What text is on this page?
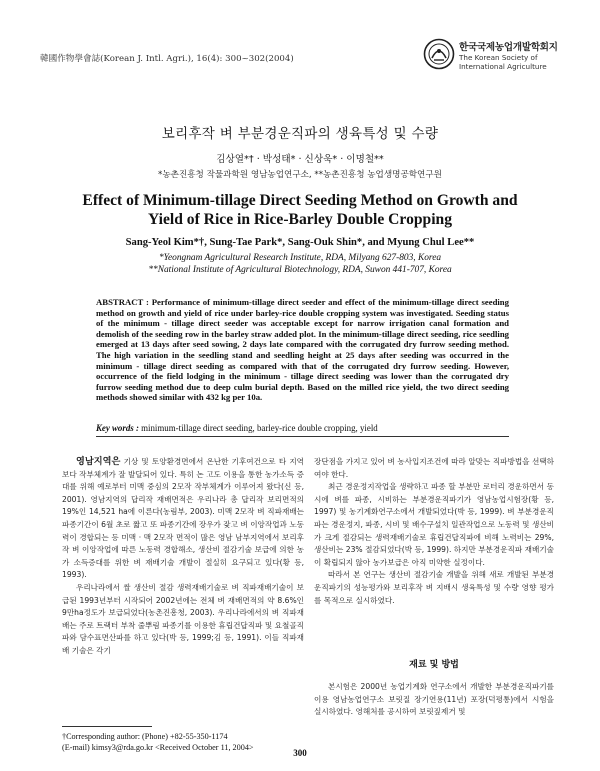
韓國作物學會誌(Korean J. Intl. Agri.), 16(4): 300~302(2004)
한국국제농업개발학회지
The Korean Society of International Agriculture
보리후작 벼 부분경운직파의 생육특성 및 수량
김상열*† · 박성태* · 신상욱* · 이명철**
*농촌진흥청 작물과학원 영남농업연구소, **농촌진흥청 농업생명공학연구원
Effect of Minimum-tillage Direct Seeding Method on Growth and
Yield of Rice in Rice-Barley Double Cropping
Sang-Yeol Kim*†, Sung-Tae Park*, Sang-Ouk Shin*, and Myung Chul Lee**
*Yeongnam Agricultural Research Institute, RDA, Milyang 627-803, Korea
**National Institute of Agricultural Biotechnology, RDA, Suwon 441-707, Korea
ABSTRACT : Performance of minimum-tillage direct seeder and effect of the minimum-tillage direct seeding method on growth and yield of rice under barley-rice double cropping system was investigated. Seeding status of the minimum - tillage direct seeder was acceptable except for narrow irrigation canal formation and demolish of the seeding row in the barley straw added plot. In the minimum-tillage direct seeding, rice seedling emerged at 13 days after seed sowing, 2 days late compared with the corrugated dry furrow seeding method. The high variation in the seedling stand and seedling height at 25 days after seeding was occurred in the minimum - tillage direct seeding as compared with that of the corrugated dry furrow seeding. However, occurrence of the field lodging in the minimum - tillage direct seeding was lower than the corrugated dry furrow seeding method due to deep culm burial depth. Based on the milled rice yield, the two direct seeding methods showed similar with 432 kg per 10a.
Key words : minimum-tillage direct seeding, barley-rice double cropping, yield

영남지역은 기상 및 토양환경면에서 온난한 기후여건으로 타 지역보다 작부체계가 잘 발달되어 있다. 특히 논 고도 이용을 통한 농가소득 증대를 위해 예로부터 미맥 중심의 2모작 작부체계가 이루어져 왔다(신 등, 2001). 영남지역의 답리작 재배면적은 우리나라 총 답리작 보리면적의 19%인 14,521 ha에 이른다(농림부, 2003). 미맥 2모작 벼 직파재배는 파종기간이 6월 초로 짧고 또 파종기간에 장우가 잦고 벼 이앙작업과 노동력이 경합되는 등 미맥 · 맥 2모작 면적이 많은 영남 남부지역에서 보리후작 벼 이앙작업에 따른 노동력 경합해소, 생산비 절감기술 보급에 의한 농가 소득증대를 위한 벼 재배기술 개발이 절실히 요구되고 있다(황 등, 1993).

우리나라에서 쌀 생산비 절감 생력재배기술로 벼 직파재배기술이 보급된 1993년부터 시작되어 2002년에는 전체 벼 재배면적의 약 8.6%인 9만ha정도가 보급되었다(농촌진흥청, 2003). 우리나라에서의 벼 직파재배는 주로 트랙터 부착 줄뿌림 파종기를 이용한 휴립건답직파 및 요철골직파와 담수표면산파를 하고 있다(박 등, 1999;김 등, 1991). 이들 직파재배 기술은 각기

장단점을 가지고 있어 벼 농사입지조건에 따라 알맞는 직파방법을 선택하여야 한다.

최근 경운정지작업을 생략하고 파종 할 부분만 로터리 경운하면서 동시에 벼를 파종, 시비하는 부분경운직파기가 영남농업시험장(황 등, 1997) 및 농기계화연구소에서 개발되었다(박 등, 1999). 벼 부분경운직파는 경운정지, 파종, 시비 및 배수구설치 일관작업으로 노동력 및 생산비가 크게 절감되는 생력재배기술로 휴립건답직파에 비해 노력비는 29%, 생산비는 23% 절감되었다(박 등, 1999). 하지만 부분경운직파 재배기술이 확립되지 않아 농가보급은 아직 미약한 실정이다.

따라서 본 연구는 생산비 절감기술 개발을 위해 새로 개발된 부분경운직파기의 성능평가와 보리후작 벼 지배시 생육특성 및 수량 영향 평가를 목적으로 실시하였다.

재료 및 방법

본시험은 2000년 농업기계화 연구소에서 개발한 부분경운직파기를 이용 영남농업연구소 보릿질 장기연용(11년) 포장(덕평통)에서 시험을 실시하였다. 영해처를 공시하여 보릿짚제거 및

†Corresponding author: (Phone) +82-55-350-1174
(E-mail) kimsy3@rda.go.kr <Received October 11, 2004>
300
